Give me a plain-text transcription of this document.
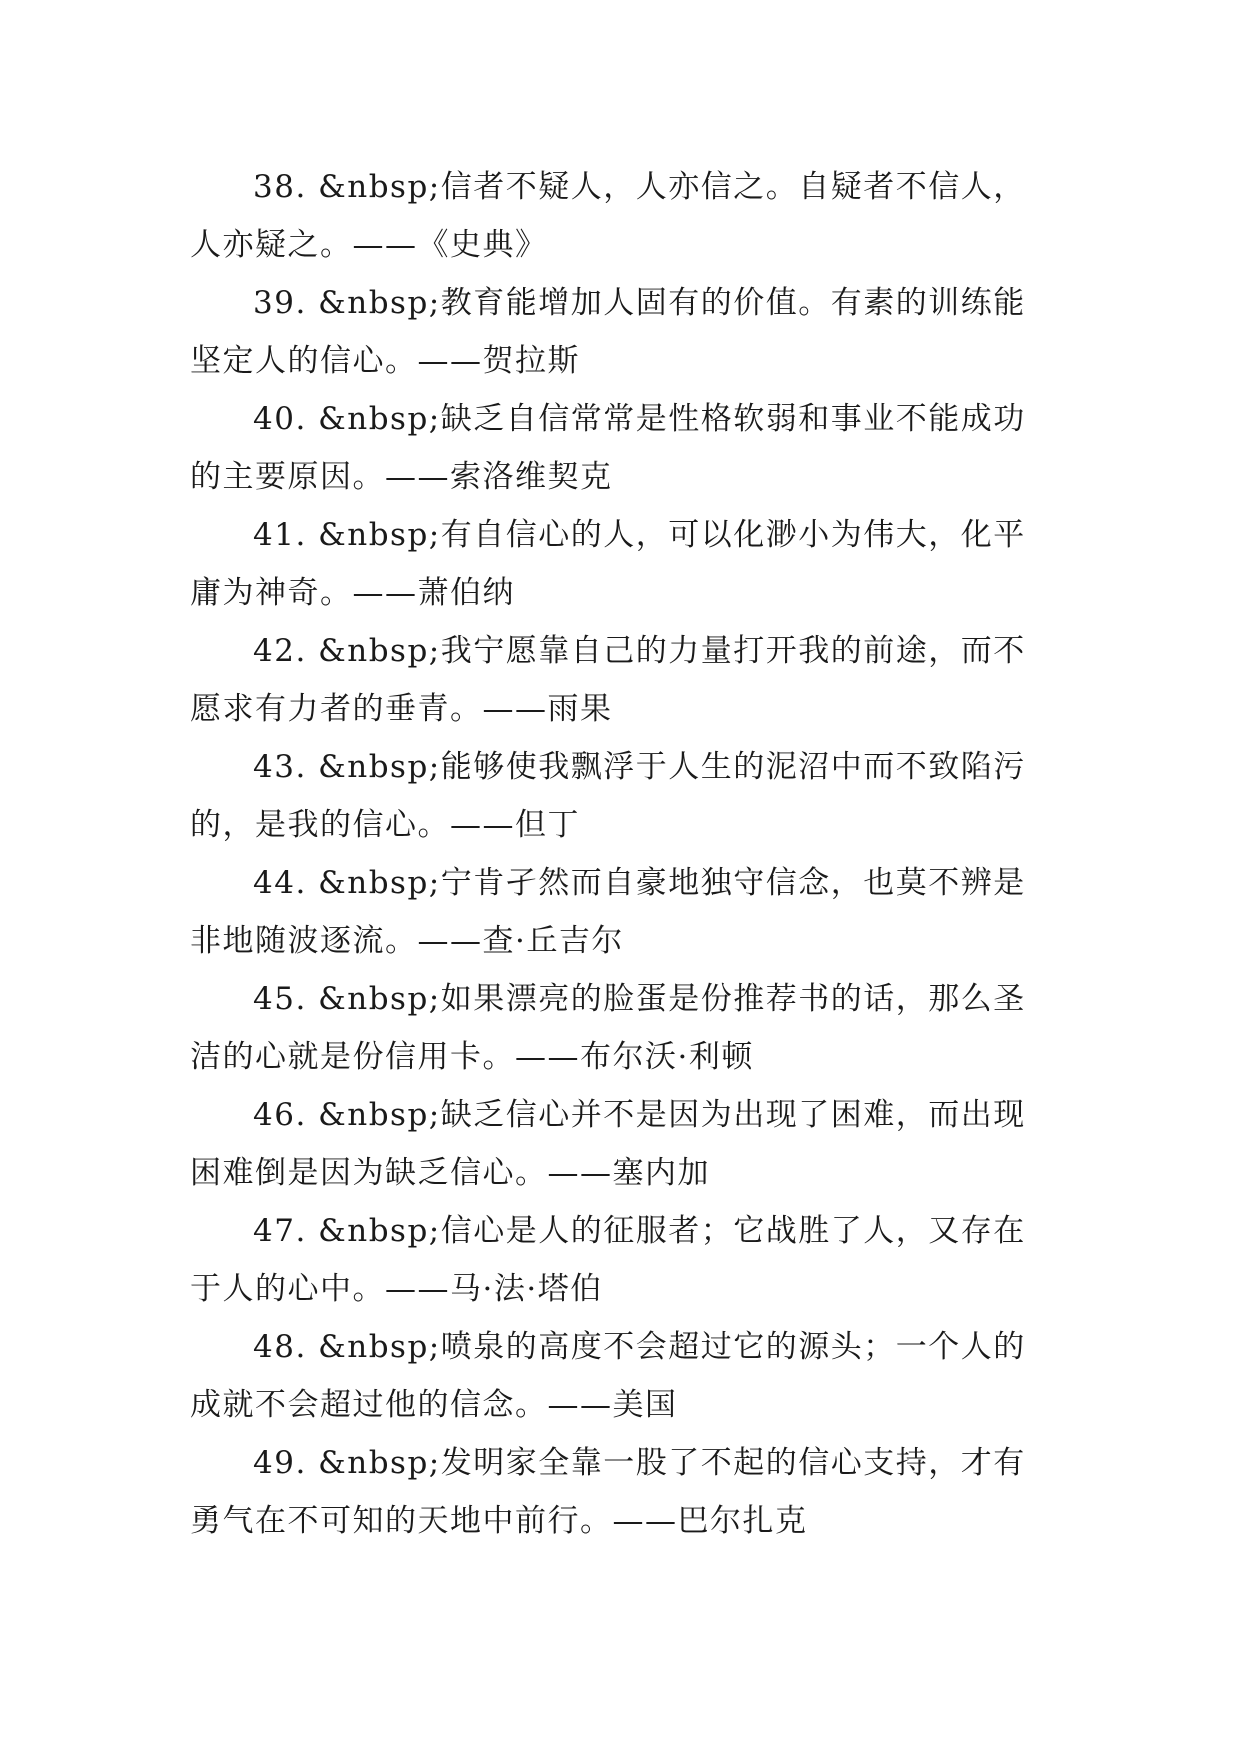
38. &nbsp;信者不疑人，人亦信之。自疑者不信人，
人亦疑之。——《史典》
39. &nbsp;教育能增加人固有的价值。有素的训练能
坚定人的信心。——贺拉斯
40. &nbsp;缺乏自信常常是性格软弱和事业不能成功
的主要原因。——索洛维契克
41. &nbsp;有自信心的人，可以化渺小为伟大，化平
庸为神奇。——萧伯纳
42. &nbsp;我宁愿靠自己的力量打开我的前途，而不
愿求有力者的垂青。——雨果
43. &nbsp;能够使我飘浮于人生的泥沼中而不致陷污
的，是我的信心。——但丁
44. &nbsp;宁肯孑然而自豪地独守信念，也莫不辨是
非地随波逐流。——查·丘吉尔
45. &nbsp;如果漂亮的脸蛋是份推荐书的话，那么圣
洁的心就是份信用卡。——布尔沃·利顿
46. &nbsp;缺乏信心并不是因为出现了困难，而出现
困难倒是因为缺乏信心。——塞内加
47. &nbsp;信心是人的征服者；它战胜了人，又存在
于人的心中。——马·法·塔伯
48. &nbsp;喷泉的高度不会超过它的源头；一个人的
成就不会超过他的信念。——美国
49. &nbsp;发明家全靠一股了不起的信心支持，才有
勇气在不可知的天地中前行。——巴尔扎克
